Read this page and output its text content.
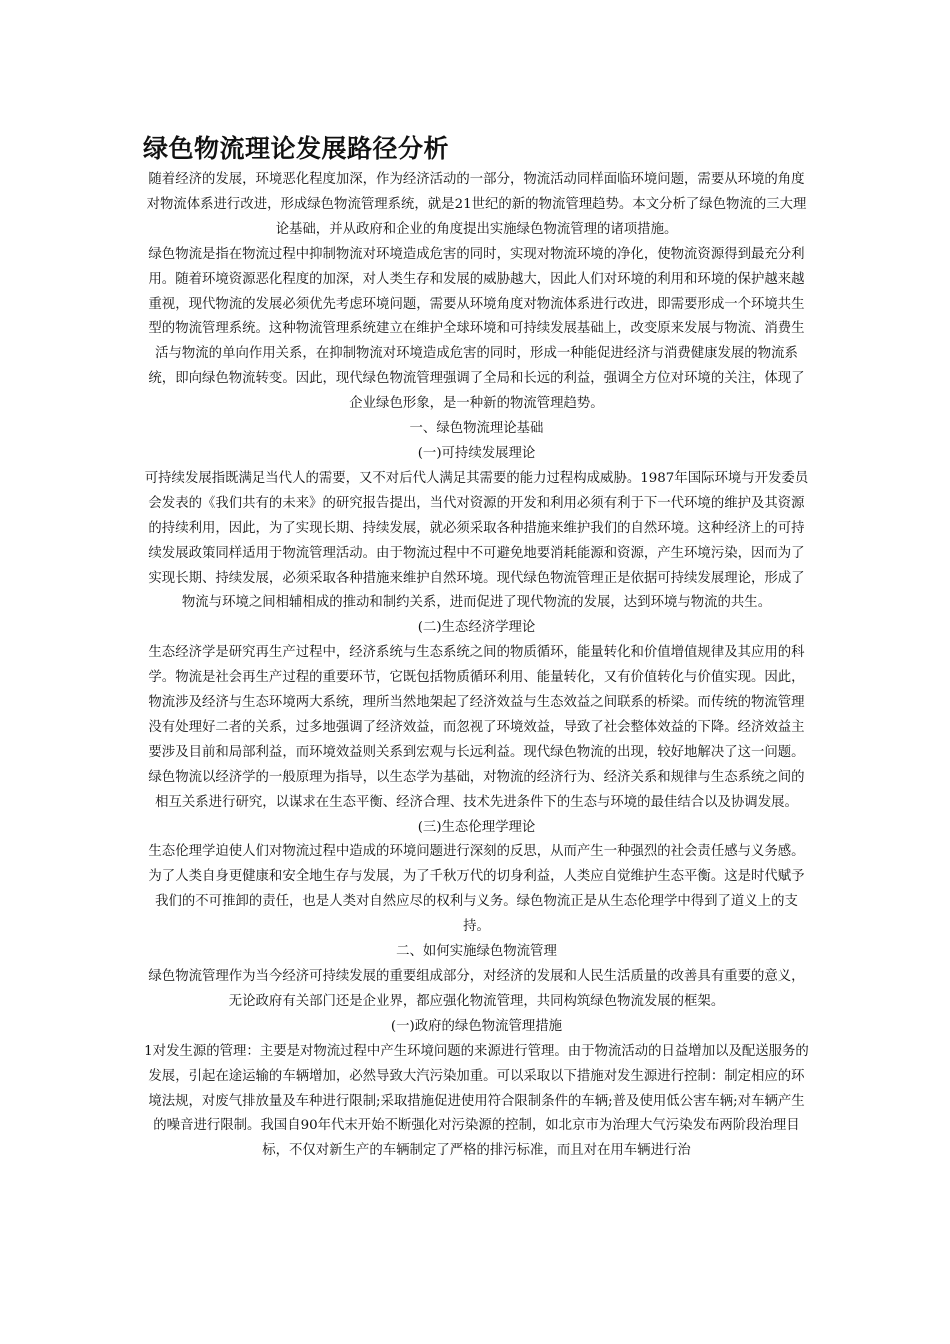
绿色物流理论发展路径分析

随着经济的发展，环境恶化程度加深，作为经济活动的一部分，物流活动同样面临环境问题，需要从环境的角度对物流体系进行改进，形成绿色物流管理系统，就是21世纪的新的物流管理趋势。本文分析了绿色物流的三大理论基础，并从政府和企业的角度提出实施绿色物流管理的诸项措施。

绿色物流是指在物流过程中抑制物流对环境造成危害的同时，实现对物流环境的净化，使物流资源得到最充分利用。随着环境资源恶化程度的加深，对人类生存和发展的威胁越大，因此人们对环境的利用和环境的保护越来越重视，现代物流的发展必须优先考虑环境问题，需要从环境角度对物流体系进行改进，即需要形成一个环境共生型的物流管理系统。这种物流管理系统建立在维护全球环境和可持续发展基础上，改变原来发展与物流、消费生活与物流的单向作用关系，在抑制物流对环境造成危害的同时，形成一种能促进经济与消费健康发展的物流系统，即向绿色物流转变。因此，现代绿色物流管理强调了全局和长远的利益，强调全方位对环境的关注，体现了企业绿色形象，是一种新的物流管理趋势。

一、绿色物流理论基础

(一)可持续发展理论

可持续发展指既满足当代人的需要，又不对后代人满足其需要的能力过程构成威胁。1987年国际环境与开发委员会发表的《我们共有的未来》的研究报告提出，当代对资源的开发和利用必须有利于下一代环境的维护及其资源的持续利用，因此，为了实现长期、持续发展，就必须采取各种措施来维护我们的自然环境。这种经济上的可持续发展政策同样适用于物流管理活动。由于物流过程中不可避免地要消耗能源和资源，产生环境污染，因而为了实现长期、持续发展，必须采取各种措施来维护自然环境。现代绿色物流管理正是依据可持续发展理论，形成了物流与环境之间相辅相成的推动和制约关系，进而促进了现代物流的发展，达到环境与物流的共生。

(二)生态经济学理论

生态经济学是研究再生产过程中，经济系统与生态系统之间的物质循环，能量转化和价值增值规律及其应用的科学。物流是社会再生产过程的重要环节，它既包括物质循环利用、能量转化，又有价值转化与价值实现。因此，物流涉及经济与生态环境两大系统，理所当然地架起了经济效益与生态效益之间联系的桥梁。而传统的物流管理没有处理好二者的关系，过多地强调了经济效益，而忽视了环境效益，导致了社会整体效益的下降。经济效益主要涉及目前和局部利益，而环境效益则关系到宏观与长远利益。现代绿色物流的出现，较好地解决了这一问题。绿色物流以经济学的一般原理为指导，以生态学为基础，对物流的经济行为、经济关系和规律与生态系统之间的相互关系进行研究，以谋求在生态平衡、经济合理、技术先进条件下的生态与环境的最佳结合以及协调发展。

(三)生态伦理学理论

生态伦理学迫使人们对物流过程中造成的环境问题进行深刻的反思，从而产生一种强烈的社会责任感与义务感。为了人类自身更健康和安全地生存与发展，为了千秋万代的切身利益，人类应自觉维护生态平衡。这是时代赋予我们的不可推卸的责任，也是人类对自然应尽的权利与义务。绿色物流正是从生态伦理学中得到了道义上的支持。

二、如何实施绿色物流管理

绿色物流管理作为当今经济可持续发展的重要组成部分，对经济的发展和人民生活质量的改善具有重要的意义，无论政府有关部门还是企业界，都应强化物流管理，共同构筑绿色物流发展的框架。

(一)政府的绿色物流管理措施

1对发生源的管理：主要是对物流过程中产生环境问题的来源进行管理。由于物流活动的日益增加以及配送服务的发展，引起在途运输的车辆增加，必然导致大汽污染加重。可以采取以下措施对发生源进行控制：制定相应的环境法规，对废气排放量及车种进行限制;采取措施促进使用符合限制条件的车辆;普及使用低公害车辆;对车辆产生的噪音进行限制。我国自90年代末开始不断强化对污染源的控制，如北京市为治理大气污染发布两阶段治理目标，不仅对新生产的车辆制定了严格的排污标准，而且对在用车辆进行治
